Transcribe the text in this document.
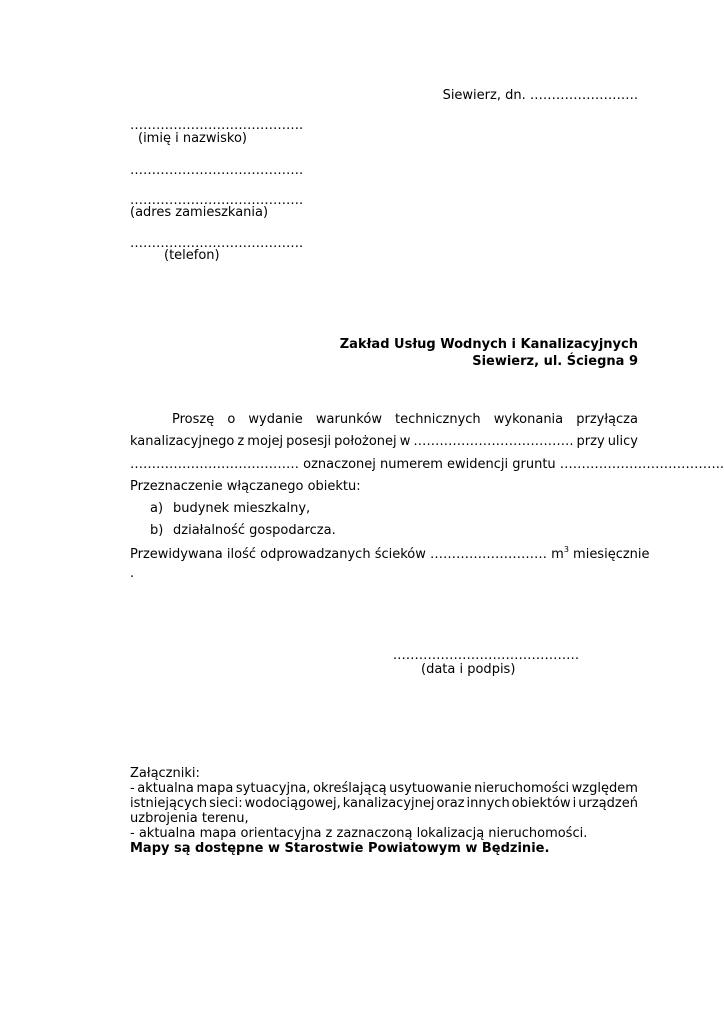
Siewierz, dn. …………………….
………………………………….
(imię i nazwisko)
………………………………….
………………………………….
(adres zamieszkania)
………………………………….
(telefon)
Zakład Usług Wodnych i Kanalizacyjnych
Siewierz, ul. Ściegna 9
Proszę o wydanie warunków technicznych wykonania przyłącza
kanalizacyjnego z mojej posesji położonej w ………………………………. przy ulicy
………………………………… oznaczonej numerem ewidencji gruntu ………………………………..
Przeznaczenie włączanego obiektu:
a) budynek mieszkalny,
b) działalność gospodarcza.
Przewidywana ilość odprowadzanych ścieków ……………………… $m^3$ miesięcznie
.
.……………………………………
(data i podpis)
Załączniki:
- aktualna mapa sytuacyjna, określającą usytuowanie nieruchomości względem
istniejących sieci: wodociągowej, kanalizacyjnej oraz innych obiektów i urządzeń
uzbrojenia terenu,
- aktualna mapa orientacyjna z zaznaczoną lokalizacją nieruchomości.
Mapy są dostępne w Starostwie Powiatowym w Będzinie.
